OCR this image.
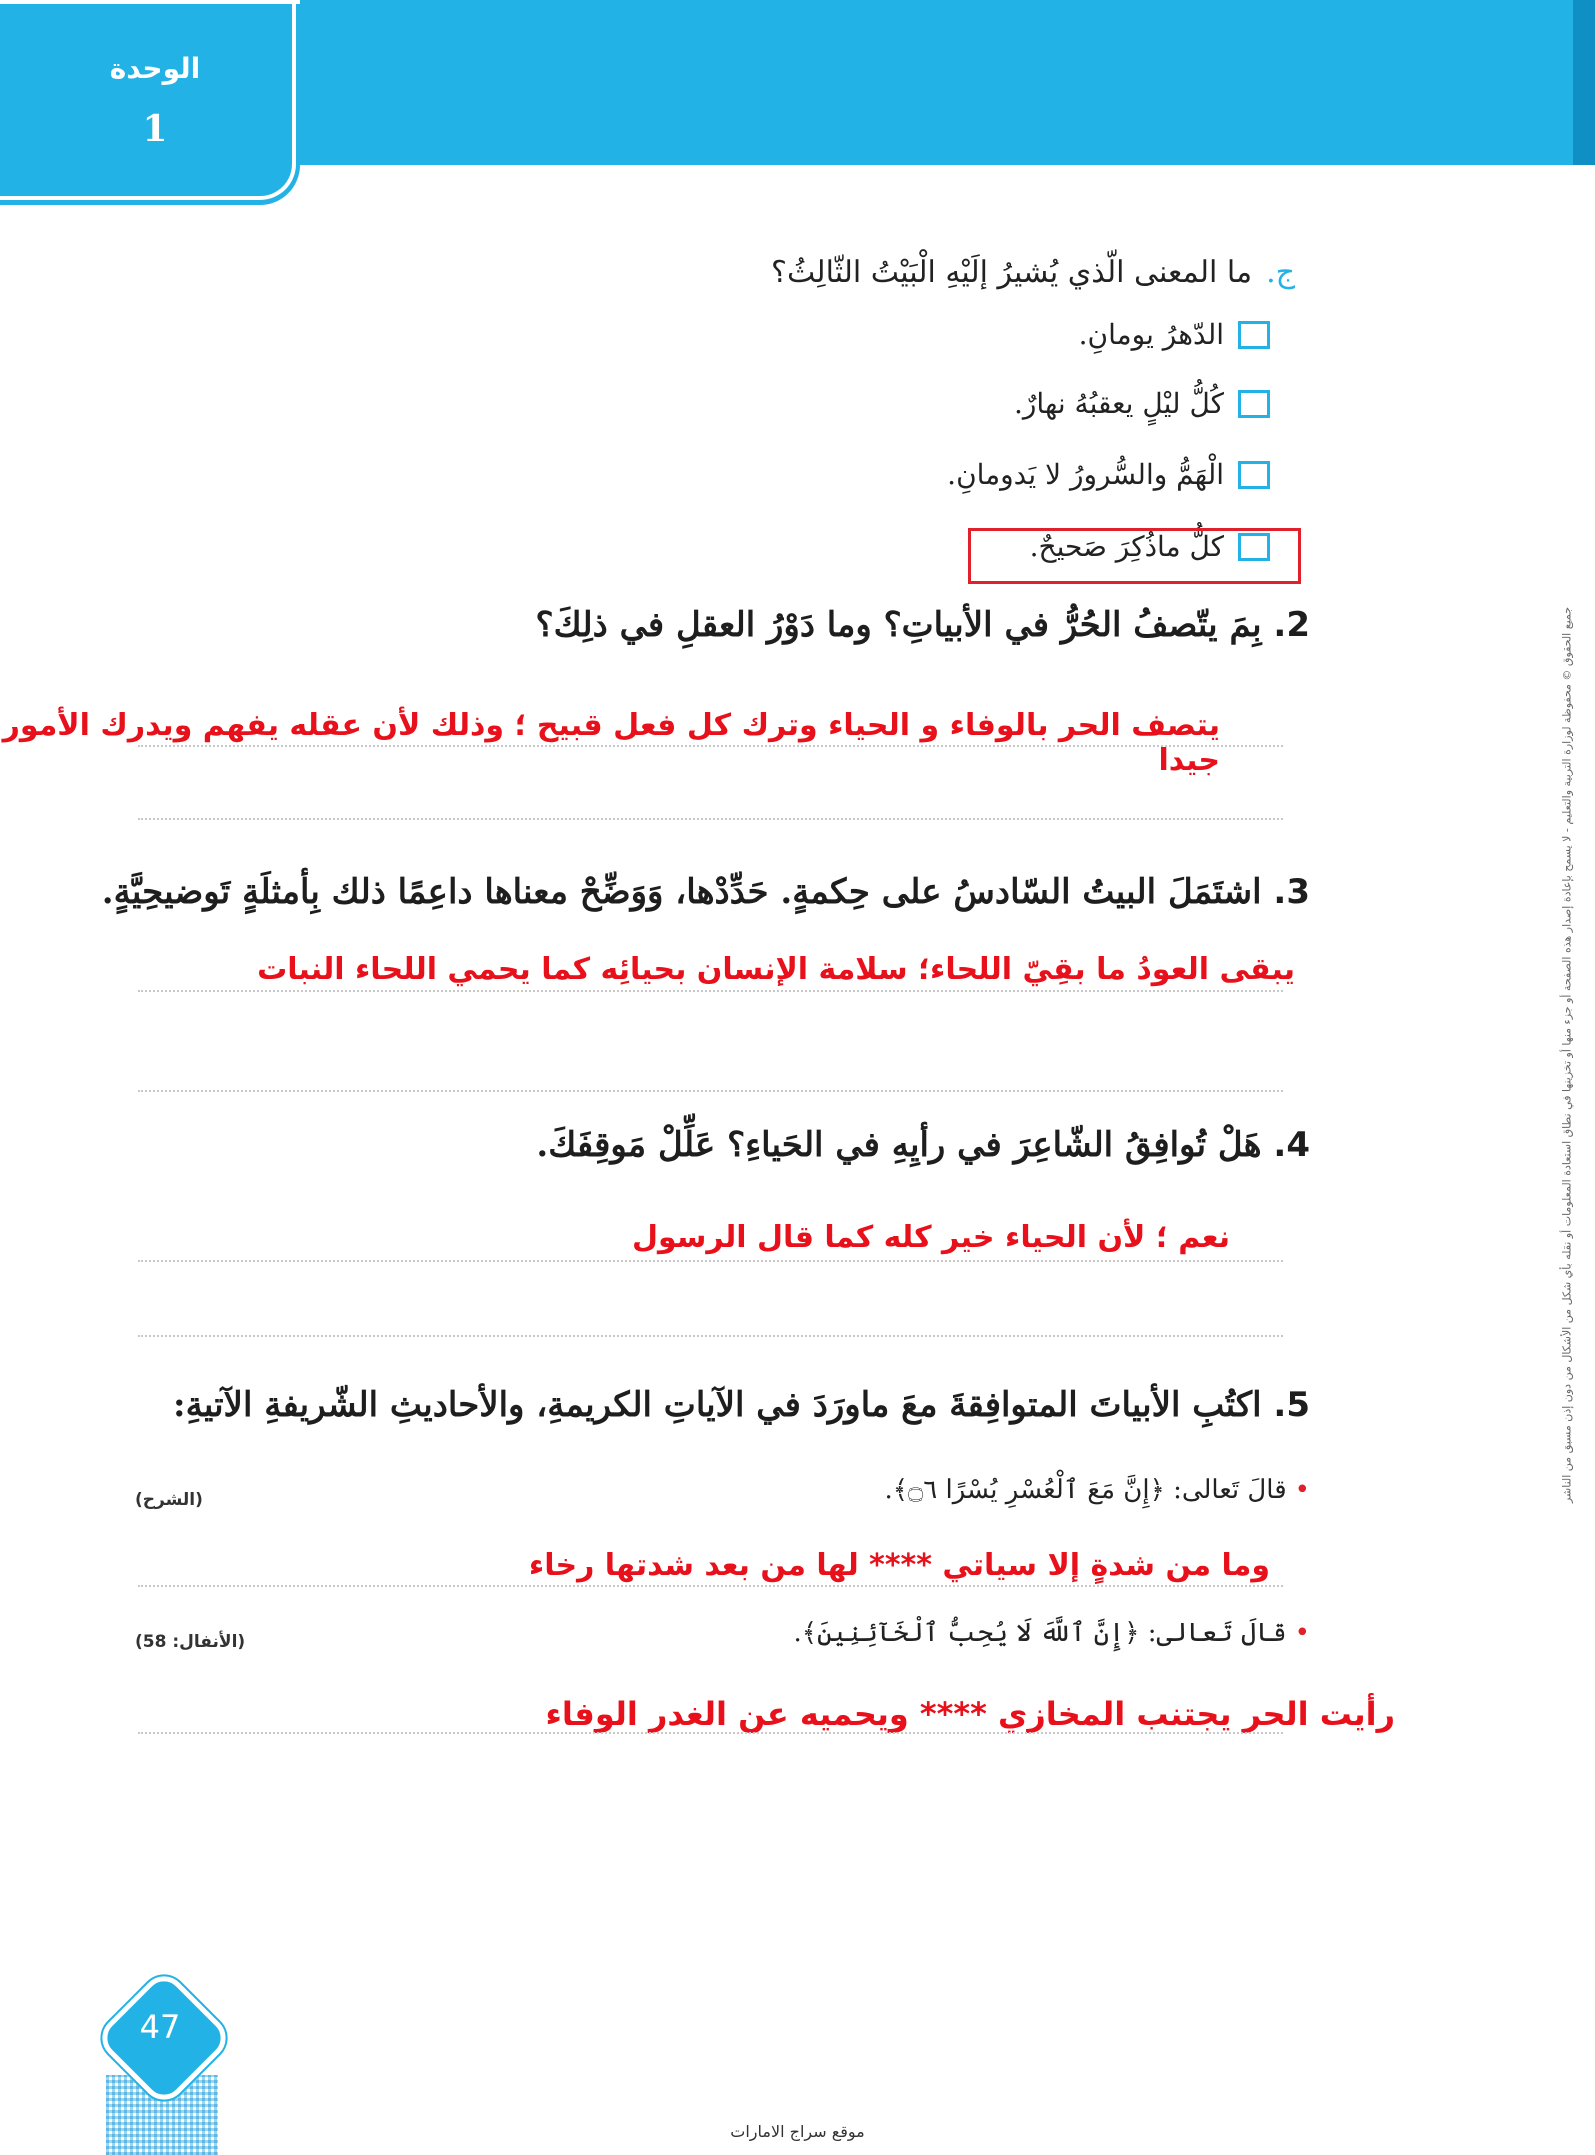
الوحدة
1
جميع الحقوق © محفوظة لوزارة التربية والتعليم - لا يسمح بإعادة إصدار هذه الصفحة أو جزء منها أو تخزينها في نطاق استعادة المعلومات أو نقله بأي شكل من الأشكال من دون إذن مسبق من الناشر
ج.ما المعنى الّذي يُشيرُ إلَيْهِ الْبَيْتُ الثّالِثُ؟
الدّهرُ يومانِ.
كُلُّ ليْلٍ يعقبُهُ نهارٌ.
الْهَمُّ والسُّرورُ لا يَدومانِ.
كلُّ ماذُكِرَ صَحيحٌ.
2. بِمَ يتّصفُ الحُرُّ في الأبياتِ؟ وما دَوْرُ العقلِ في ذلِكَ؟
يتصف الحر بالوفاء و الحياء وترك كل فعل قبيح ؛ وذلك لأن عقله يفهم ويدرك الأمور جيدا
3. اشتَمَلَ البيتُ السّادسُ على حِكمةٍ. حَدِّدْها، وَوَضِّحْ معناها داعِمًا ذلك بِأمثلَةٍ تَوضيحِيَّةٍ.
يبقى العودُ ما بقِيّ اللحاء؛ سلامة الإنسان بحيائِه كما يحمي اللحاء النبات
4. هَلْ تُوافِقُ الشّاعِرَ في رأيِهِ في الحَياءِ؟ عَلِّلْ مَوقِفَكَ.
نعم ؛ لأن الحياء خير كله كما قال الرسول
5. اكتُبِ الأبياتَ المتوافِقةَ معَ ماورَدَ في الآياتِ الكريمةِ، والأحاديثِ الشّريفةِ الآتيةِ:
•قالَ تَعالى: ﴿إِنَّ مَعَ ٱلْعُسْرِ يُسْرًا ۝٦﴾.
(الشرح)
وما من شدةٍ إلا سياتي **** لها من بعد شدتها رخاء
•قالَ تَعالى: ﴿إِنَّ ٱللَّهَ لَا يُحِبُّ ٱلْخَآئِنِينَ﴾.
(الأنفال: 58)
رأيت الحر يجتنب المخازي **** ويحميه عن الغدر الوفاء
47
موقع سراج الامارات
